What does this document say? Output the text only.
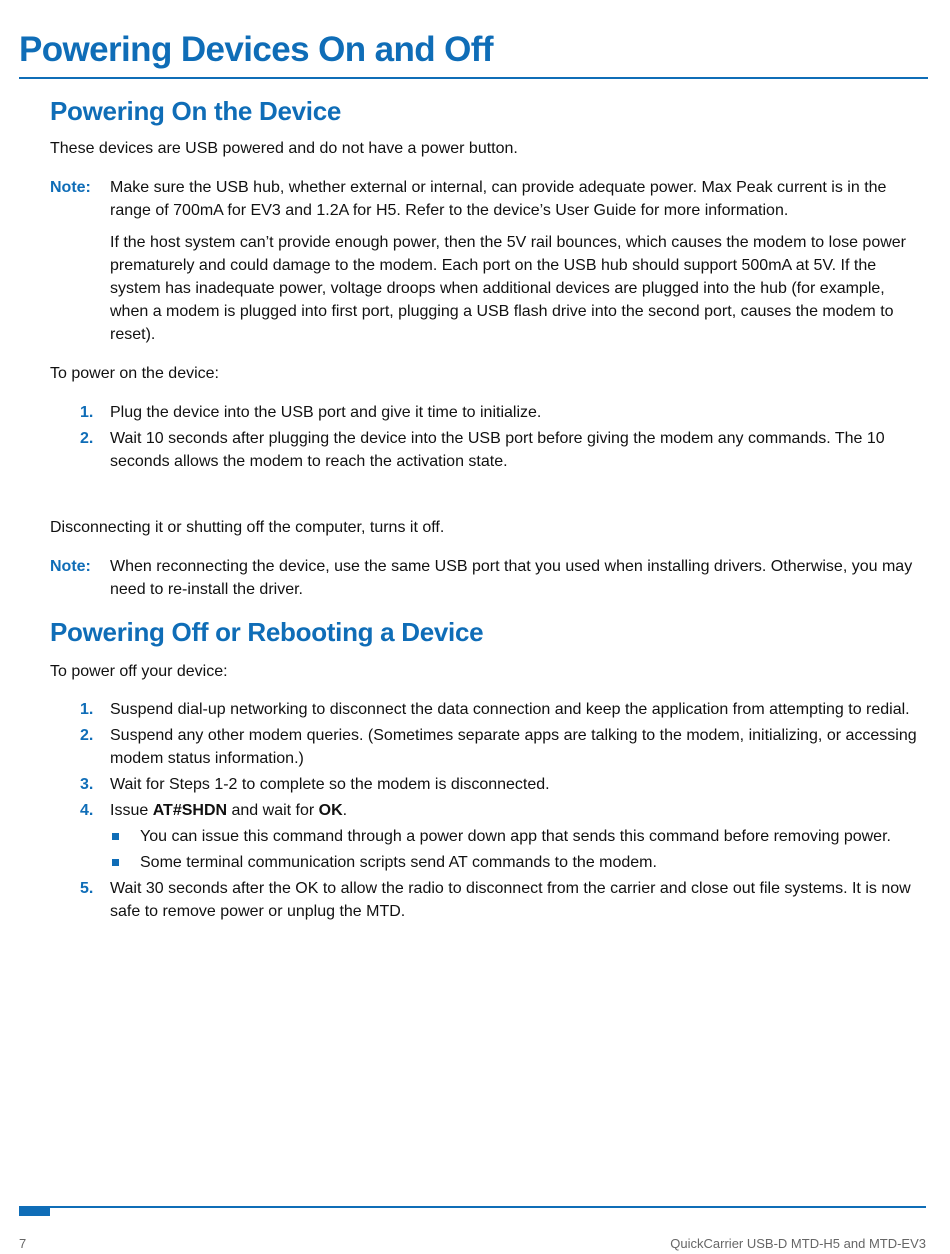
Powering Devices On and Off
Powering On the Device

These devices are USB powered and do not have a power button.

Note:	Make sure the USB hub, whether external or internal, can provide adequate power. Max Peak current is in the range of 700mA for EV3 and 1.2A for H5. Refer to the device’s User Guide for more information.

If the host system can’t provide enough power, then the 5V rail bounces, which causes the modem to lose power prematurely and could damage to the modem. Each port on the USB hub should support 500mA at 5V. If the system has inadequate power, voltage droops when additional devices are plugged into the hub (for example, when a modem is plugged into first port, plugging a USB flash drive into the second port, causes the modem to reset).

To power on the device:

1.	Plug the device into the USB port and give it time to initialize.
2.	Wait 10 seconds after plugging the device into the USB port before giving the modem any commands. The 10 seconds allows the modem to reach the activation state.

Disconnecting it or shutting off the computer, turns it off.

Note:	When reconnecting the device, use the same USB port that you used when installing drivers. Otherwise, you may need to re-install the driver.

Powering Off or Rebooting a Device

To power off your device:

1.	Suspend dial-up networking to disconnect the data connection and keep the application from attempting to redial.
2.	Suspend any other modem queries. (Sometimes separate apps are talking to the modem, initializing, or accessing modem status information.)
3.	Wait for Steps 1-2 to complete so the modem is disconnected.
4.	Issue AT#SHDN and wait for OK.
You can issue this command through a power down app that sends this command before removing power.
Some terminal communication scripts send AT commands to the modem.
5.	Wait 30 seconds after the OK to allow the radio to disconnect from the carrier and close out file systems. It is now safe to remove power or unplug the MTD.
7	QuickCarrier USB-D MTD-H5 and MTD-EV3
